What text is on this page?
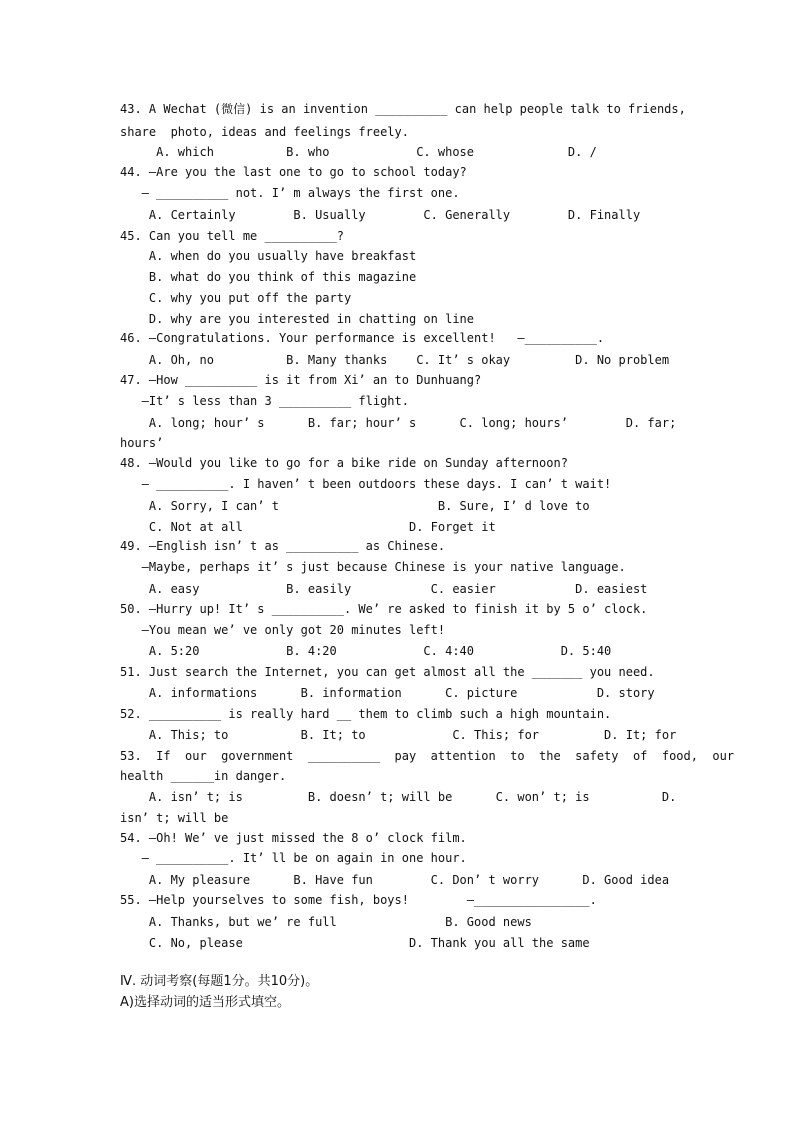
43. A Wechat (微信) is an invention __________ can help people talk to friends,
share  photo, ideas and feelings freely.
A. which          B. who            C. whose             D. /
44. —Are you the last one to go to school today?
— __________ not. I’ m always the first one.
A. Certainly        B. Usually        C. Generally        D. Finally
45. Can you tell me __________?
A. when do you usually have breakfast
B. what do you think of this magazine
C. why you put off the party
D. why are you interested in chatting on line
46. —Congratulations. Your performance is excellent!   —__________.
A. Oh, no          B. Many thanks    C. It’ s okay         D. No problem
47. —How __________ is it from Xi’ an to Dunhuang?
—It’ s less than 3 __________ flight.
A. long; hour’ s      B. far; hour’ s      C. long; hours’        D. far;
hours’
48. —Would you like to go for a bike ride on Sunday afternoon?
— __________. I haven’ t been outdoors these days. I can’ t wait!
A. Sorry, I can’ t                      B. Sure, I’ d love to
C. Not at all                       D. Forget it
49. —English isn’ t as __________ as Chinese.
—Maybe, perhaps it’ s just because Chinese is your native language.
A. easy            B. easily           C. easier           D. easiest
50. —Hurry up! It’ s __________. We’ re asked to finish it by 5 o’ clock.
—You mean we’ ve only got 20 minutes left!
A. 5:20            B. 4:20            C. 4:40            D. 5:40
51. Just search the Internet, you can get almost all the _______ you need.
A. informations      B. information      C. picture           D. story
52. __________ is really hard __ them to climb such a high mountain.
A. This; to          B. It; to            C. This; for         D. It; for
53.  If  our  government  __________  pay  attention  to  the  safety  of  food,  our
health ______in danger.
A. isn’ t; is         B. doesn’ t; will be      C. won’ t; is          D.
isn’ t; will be
54. —Oh! We’ ve just missed the 8 o’ clock film.
— __________. It’ ll be on again in one hour.
A. My pleasure      B. Have fun        C. Don’ t worry      D. Good idea
55. —Help yourselves to some fish, boys!        —________________.
A. Thanks, but we’ re full               B. Good news
C. No, please                       D. Thank you all the same
Ⅳ. 动词考察(每题1分。共10分)。
A)选择动词的适当形式填空。
